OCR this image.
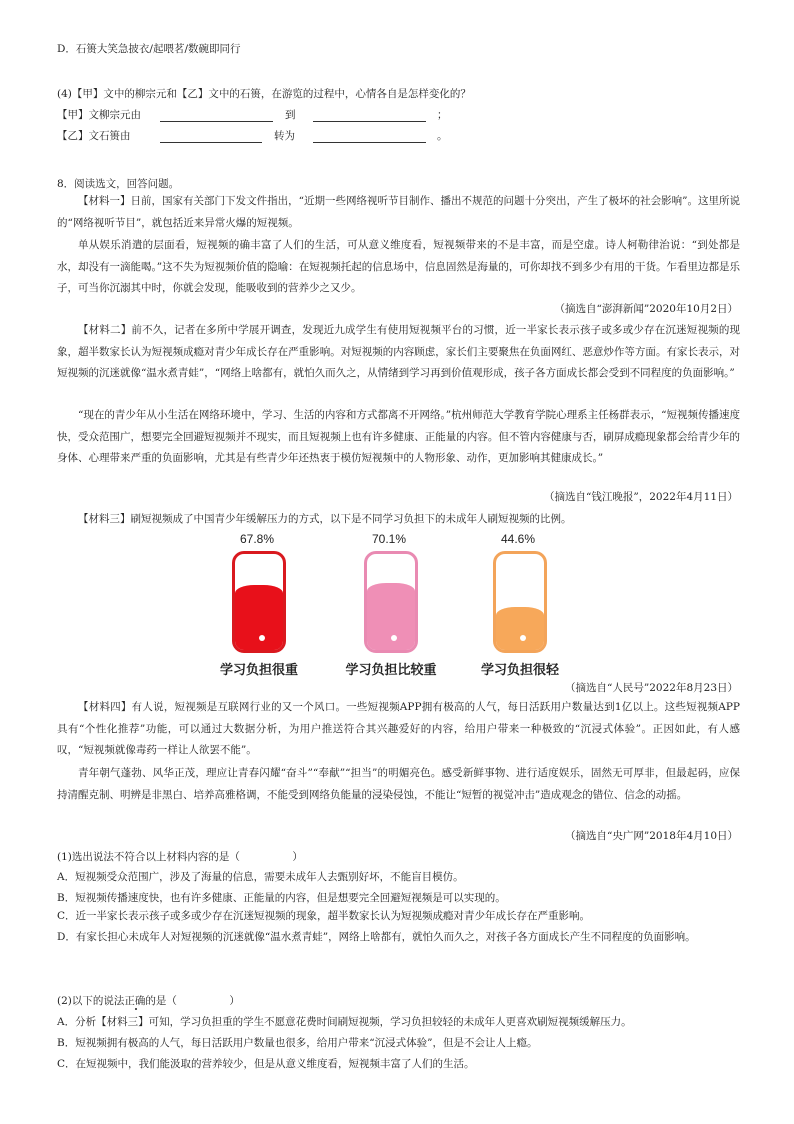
D．石篑大笑急披衣/起喂茗/数碗即同行
(4)【甲】文中的柳宗元和【乙】文中的石篑，在游览的过程中，心情各自是怎样变化的？
【甲】文柳宗元由	到	；
【乙】文石篑由	转为	。
8．阅读选文，回答问题。
【材料一】日前，国家有关部门下发文件指出，“近期一些网络视听节目制作、播出不规范的问题十分突出，产生了极坏的社会影响”。这里所说的“网络视听节目”，就包括近来异常火爆的短视频。
单从娱乐消遣的层面看，短视频的确丰富了人们的生活，可从意义维度看，短视频带来的不是丰富，而是空虚。诗人柯勒律治说：“到处都是水，却没有一滴能喝。”这不失为短视频价值的隐喻：在短视频托起的信息场中，信息固然是海量的，可你却找不到多少有用的干货。乍看里边都是乐子，可当你沉溺其中时，你就会发现，能吸收到的营养少之又少。
（摘选自“澎湃新闻”2020年10月2日）
【材料二】前不久，记者在多所中学展开调查，发现近九成学生有使用短视频平台的习惯，近一半家长表示孩子或多或少存在沉迷短视频的现象，超半数家长认为短视频成瘾对青少年成长存在严重影响。对短视频的内容顾虑，家长们主要聚焦在负面网红、恶意炒作等方面。有家长表示，对短视频的沉迷就像“温水煮青蛙”，“网络上啥都有，就怕久而久之，从情绪到学习再到价值观形成，孩子各方面成长都会受到不同程度的负面影响。”
“现在的青少年从小生活在网络环境中，学习、生活的内容和方式都离不开网络。”杭州师范大学教育学院心理系主任杨群表示，“短视频传播速度快，受众范围广，想要完全回避短视频并不现实，而且短视频上也有许多健康、正能量的内容。但不管内容健康与否，刷屏成瘾现象都会给青少年的身体、心理带来严重的负面影响，尤其是有些青少年还热衷于模仿短视频中的人物形象、动作，更加影响其健康成长。”
（摘选自“钱江晚报”，2022年4月11日）
【材料三】刷短视频成了中国青少年缓解压力的方式，以下是不同学习负担下的未成年人刷短视频的比例。
67.8%	70.1%	44.6%
学习负担很重	学习负担比较重	学习负担很轻
（摘选自“人民号”2022年8月23日）
【材料四】有人说，短视频是互联网行业的又一个风口。一些短视频APP拥有极高的人气，每日活跃用户数量达到1亿以上。这些短视频APP 具有“个性化推荐”功能，可以通过大数据分析，为用户推送符合其兴趣爱好的内容，给用户带来一种极致的“沉浸式体验”。正因如此，有人感叹，“短视频就像毒药一样让人欲罢不能”。
青年朝气蓬勃、风华正茂，理应让青春闪耀“奋斗”“奉献”“担当”的明媚亮色。感受新鲜事物、进行适度娱乐，固然无可厚非，但最起码，应保持清醒克制、明辨是非黑白、培养高雅格调，不能受到网络负能量的浸染侵蚀，不能让“短暂的视觉冲击”造成观念的错位、信念的动摇。
（摘选自“央广网”2018年4月10日）
(1)选出说法不符合以上材料内容的是（　　　　　）
A．短视频受众范围广，涉及了海量的信息，需要未成年人去甄别好坏，不能盲目模仿。
B．短视频传播速度快，也有许多健康、正能量的内容，但是想要完全回避短视频是可以实现的。
C．近一半家长表示孩子或多或少存在沉迷短视频的现象，超半数家长认为短视频成瘾对青少年成长存在严重影响。
D．有家长担心未成年人对短视频的沉迷就像“温水煮青蛙”，网络上啥都有，就怕久而久之，对孩子各方面成长产生不同程度的负面影响。
(2)以下的说法正确的是（　　　　　）
A．分析【材料三】可知，学习负担重的学生不愿意花费时间刷短视频，学习负担较轻的未成年人更喜欢刷短视频缓解压力。
B．短视频拥有极高的人气，每日活跃用户数量也很多，给用户带来“沉浸式体验”，但是不会让人上瘾。
C．在短视频中，我们能汲取的营养较少，但是从意义维度看，短视频丰富了人们的生活。
